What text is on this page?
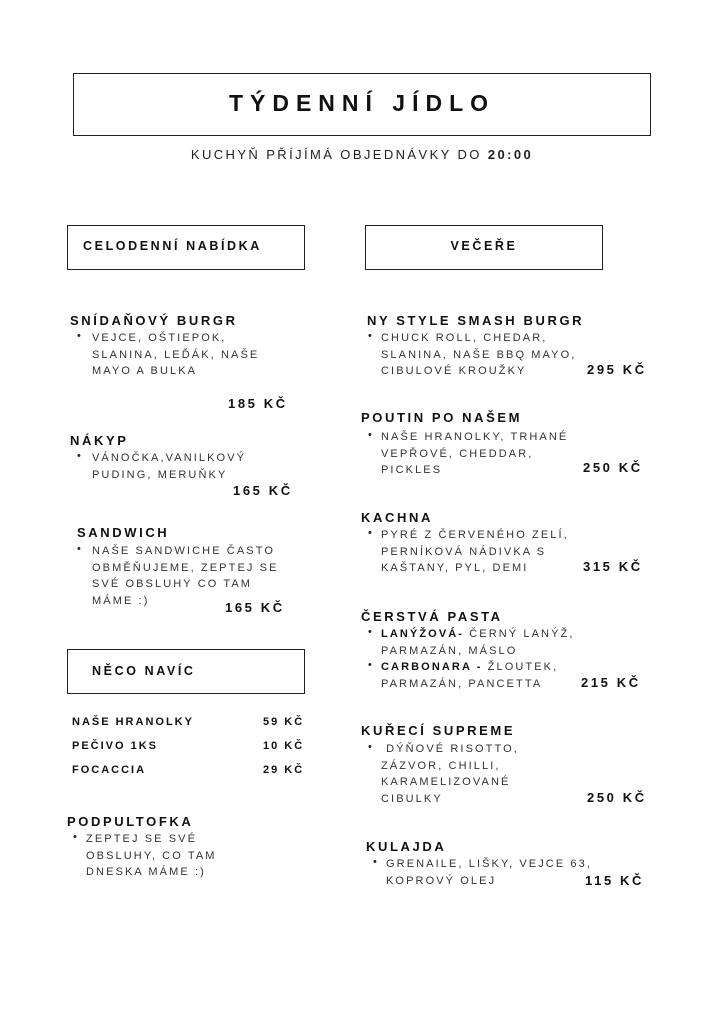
TÝDENNÍ JÍDLO
KUCHYŇ PŘÍJÍMÁ OBJEDNÁVKY DO 20:00
CELODENNÍ NABÍDKA	VEČEŘE
SNÍDAŇOVÝ BURGR
• VEJCE, OŠTIEPOK,
SLANINA, LEĎÁK, NAŠE
MAYO A BULKA
185 KČ
NÁKYP
• VÁNOČKA,VANILKOVÝ
PUDING, MERUŇKY
165 KČ
SANDWICH
• NAŠE SANDWICHE ČASTO
OBMĚŇUJEME, ZEPTEJ SE
SVÉ OBSLUHY CO TAM
MÁME :)	165 KČ
NĚCO NAVÍC
NAŠE HRANOLKY	59 KČ
PEČIVO 1KS	10 KČ
FOCACCIA	29 KČ
PODPULTOFKA
• ZEPTEJ SE SVÉ
OBSLUHY, CO TAM
DNESKA MÁME :)
NY STYLE SMASH BURGR
• CHUCK ROLL, CHEDAR,
SLANINA, NAŠE BBQ MAYO,
CIBULOVÉ KROUŽKY	295 KČ
POUTIN PO NAŠEM
• NAŠE HRANOLKY, TRHANÉ
VEPŘOVÉ, CHEDDAR,
PICKLES	250 KČ
KACHNA
• PYRÉ Z ČERVENÉHO ZELÍ,
PERNÍKOVÁ NÁDIVKA S
KAŠTANY, PYL, DEMI	315 KČ
ČERSTVÁ PASTA
• LANÝŽOVÁ- ČERNÝ LANÝŽ,
PARMAZÁN, MÁSLO
CARBONARA - ŽLOUTEK,
PARMAZÁN, PANCETTA
•
215 KČ
KUŘECÍ SUPREME
• DÝŇOVÉ RISOTTO,
ZÁZVOR, CHILLI,
KARAMELIZOVANÉ
CIBULKY	250 KČ
KULAJDA
• GRENAILE, LIŠKY, VEJCE 63,
KOPROVÝ OLEJ	115 KČ
